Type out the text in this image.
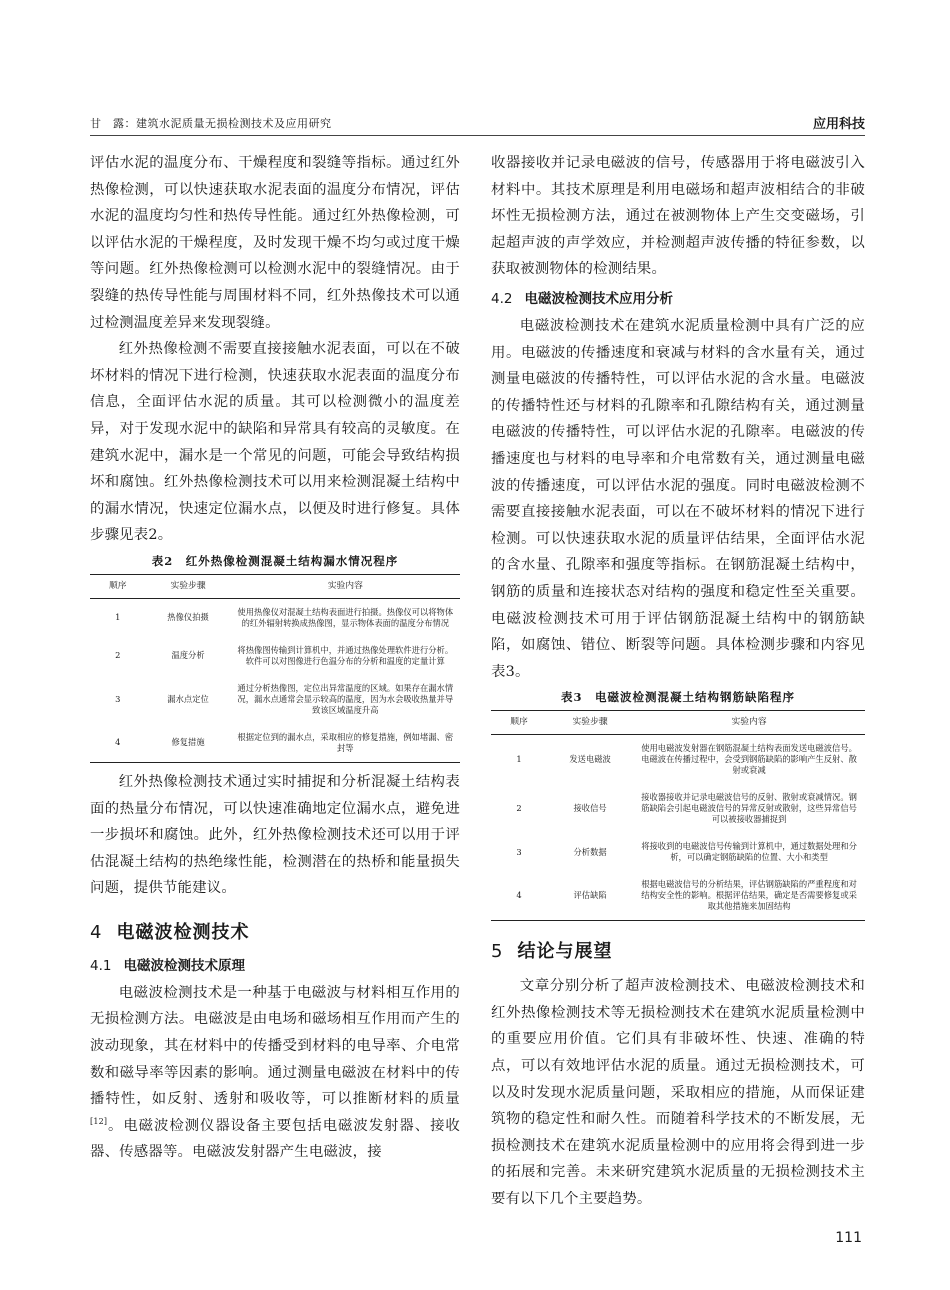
甘　露：建筑水泥质量无损检测技术及应用研究	应用科技

评估水泥的温度分布、干燥程度和裂缝等指标。通过红外热像检测，可以快速获取水泥表面的温度分布情况，评估水泥的温度均匀性和热传导性能。通过红外热像检测，可以评估水泥的干燥程度，及时发现干燥不均匀或过度干燥等问题。红外热像检测可以检测水泥中的裂缝情况。由于裂缝的热传导性能与周围材料不同，红外热像技术可以通过检测温度差异来发现裂缝。

红外热像检测不需要直接接触水泥表面，可以在不破坏材料的情况下进行检测，快速获取水泥表面的温度分布信息，全面评估水泥的质量。其可以检测微小的温度差异，对于发现水泥中的缺陷和异常具有较高的灵敏度。在建筑水泥中，漏水是一个常见的问题，可能会导致结构损坏和腐蚀。红外热像检测技术可以用来检测混凝土结构中的漏水情况，快速定位漏水点，以便及时进行修复。具体步骤见表2。

表2　红外热像检测混凝土结构漏水情况程序
顺序	实验步骤	实验内容
1	热像仪拍摄	使用热像仪对混凝土结构表面进行拍摄。热像仪可以将物体的红外辐射转换成热像图，显示物体表面的温度分布情况
2	温度分析	将热像图传输到计算机中，并通过热像处理软件进行分析。软件可以对图像进行色温分布的分析和温度的定量计算
3	漏水点定位	通过分析热像图，定位出异常温度的区域。如果存在漏水情况，漏水点通常会显示较高的温度，因为水会吸收热量并导致该区域温度升高
4	修复措施	根据定位到的漏水点，采取相应的修复措施，例如堵漏、密封等

红外热像检测技术通过实时捕捉和分析混凝土结构表面的热量分布情况，可以快速准确地定位漏水点，避免进一步损坏和腐蚀。此外，红外热像检测技术还可以用于评估混凝土结构的热绝缘性能，检测潜在的热桥和能量损失问题，提供节能建议。

4 电磁波检测技术
4.1 电磁波检测技术原理

电磁波检测技术是一种基于电磁波与材料相互作用的无损检测方法。电磁波是由电场和磁场相互作用而产生的波动现象，其在材料中的传播受到材料的电导率、介电常数和磁导率等因素的影响。通过测量电磁波在材料中的传播特性，如反射、透射和吸收等，可以推断材料的质量[12]。电磁波检测仪器设备主要包括电磁波发射器、接收器、传感器等。电磁波发射器产生电磁波，接

收器接收并记录电磁波的信号，传感器用于将电磁波引入材料中。其技术原理是利用电磁场和超声波相结合的非破坏性无损检测方法，通过在被测物体上产生交变磁场，引起超声波的声学效应，并检测超声波传播的特征参数，以获取被测物体的检测结果。

4.2 电磁波检测技术应用分析

电磁波检测技术在建筑水泥质量检测中具有广泛的应用。电磁波的传播速度和衰减与材料的含水量有关，通过测量电磁波的传播特性，可以评估水泥的含水量。电磁波的传播特性还与材料的孔隙率和孔隙结构有关，通过测量电磁波的传播特性，可以评估水泥的孔隙率。电磁波的传播速度也与材料的电导率和介电常数有关，通过测量电磁波的传播速度，可以评估水泥的强度。同时电磁波检测不需要直接接触水泥表面，可以在不破坏材料的情况下进行检测。可以快速获取水泥的质量评估结果，全面评估水泥的含水量、孔隙率和强度等指标。在钢筋混凝土结构中，钢筋的质量和连接状态对结构的强度和稳定性至关重要。电磁波检测技术可用于评估钢筋混凝土结构中的钢筋缺陷，如腐蚀、错位、断裂等问题。具体检测步骤和内容见表3。

表3　电磁波检测混凝土结构钢筋缺陷程序
顺序	实验步骤	实验内容
1	发送电磁波	使用电磁波发射器在钢筋混凝土结构表面发送电磁波信号。电磁波在传播过程中，会受到钢筋缺陷的影响产生反射、散射或衰减
2	接收信号	接收器接收并记录电磁波信号的反射、散射或衰减情况。钢筋缺陷会引起电磁波信号的异常反射或散射，这些异常信号可以被接收器捕捉到
3	分析数据	将接收到的电磁波信号传输到计算机中，通过数据处理和分析，可以确定钢筋缺陷的位置、大小和类型
4	评估缺陷	根据电磁波信号的分析结果，评估钢筋缺陷的严重程度和对结构安全性的影响。根据评估结果，确定是否需要修复或采取其他措施来加固结构
5 结论与展望

文章分别分析了超声波检测技术、电磁波检测技术和红外热像检测技术等无损检测技术在建筑水泥质量检测中的重要应用价值。它们具有非破坏性、快速、准确的特点，可以有效地评估水泥的质量。通过无损检测技术，可以及时发现水泥质量问题，采取相应的措施，从而保证建筑物的稳定性和耐久性。而随着科学技术的不断发展，无损检测技术在建筑水泥质量检测中的应用将会得到进一步的拓展和完善。未来研究建筑水泥质量的无损检测技术主要有以下几个主要趋势。

111
